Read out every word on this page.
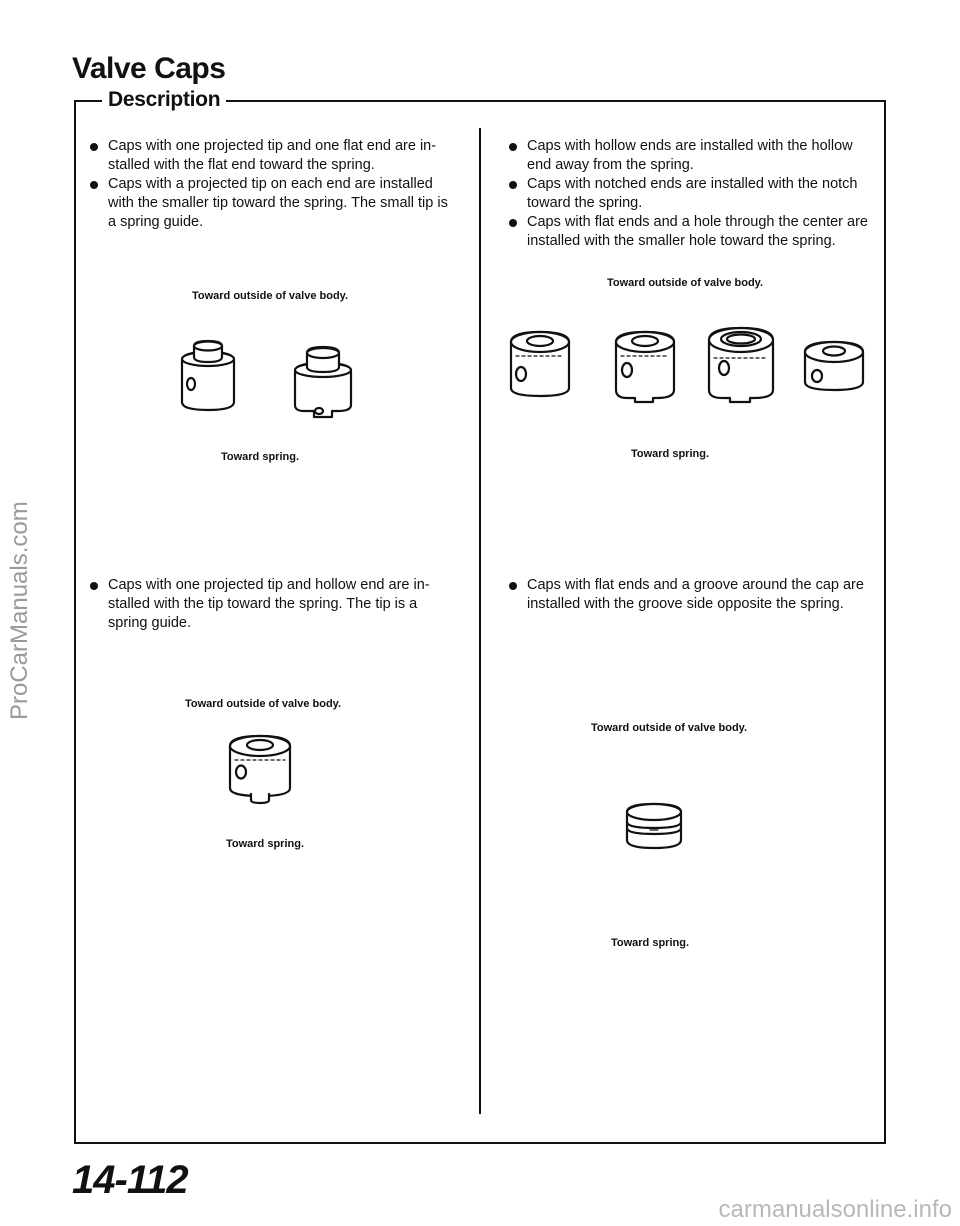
Valve Caps
Description
Caps with one projected tip and one flat end are in-stalled with the flat end toward the spring.
Caps with a projected tip on each end are installed with the smaller tip toward the spring. The small tip is a spring guide.
Toward outside of valve body.
Toward spring.
Caps with one projected tip and hollow end are in-stalled with the tip toward the spring. The tip is a spring guide.
Toward outside of valve body.
Toward spring.
Caps with hollow ends are installed with the hollow end away from the spring.
Caps with notched ends are installed with the notch toward the spring.
Caps with flat ends and a hole through the center are installed with the smaller hole toward the spring.
Toward outside of valve body.
Toward spring.
Caps with flat ends and a groove around the cap are installed with the groove side opposite the spring.
Toward outside of valve body.
Toward spring.
14-112
ProCarManuals.com
carmanualsonline.info
